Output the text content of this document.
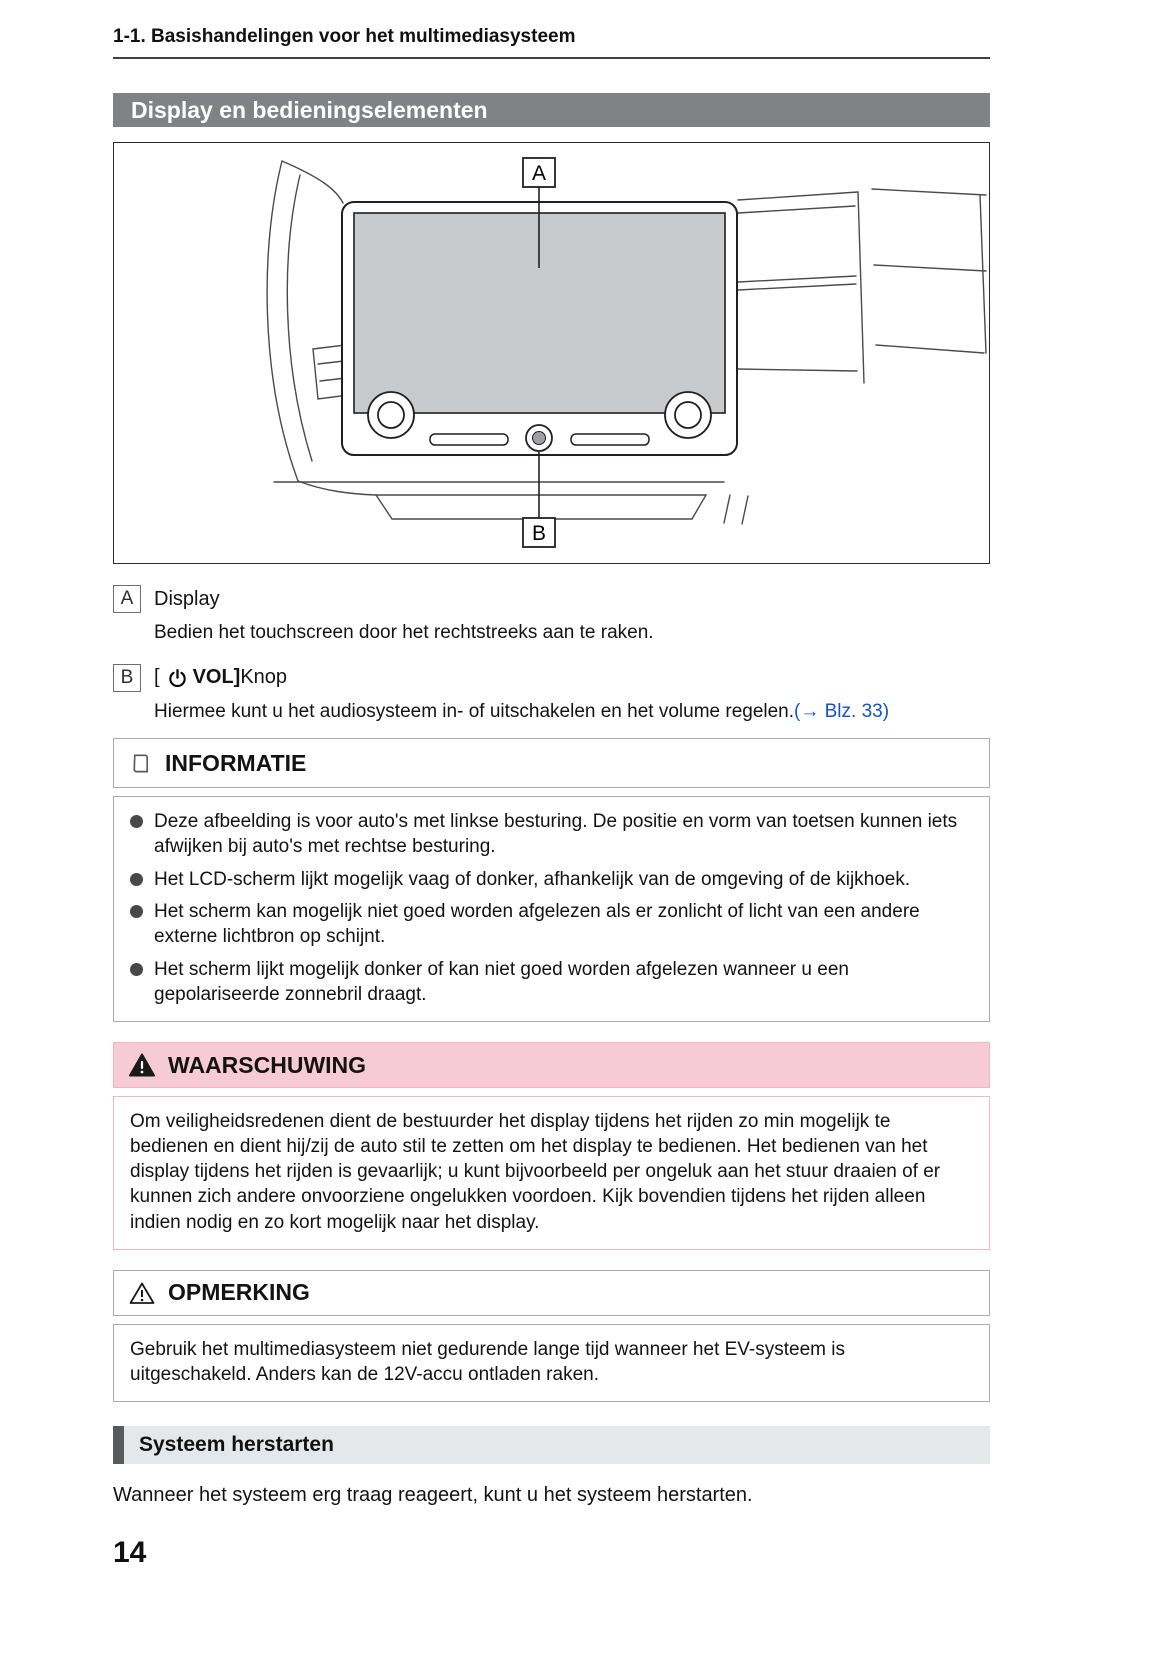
1-1. Basishandelingen voor het multimediasysteem
Display en bedieningselementen
A
B
A	Display

Bedien het touchscreen door het rechtstreeks aan te raken.

B	[ VOL] Knop

Hiermee kunt u het audiosysteem in- of uitschakelen en het volume regelen.(→ Blz. 33)

INFORMATIE
Deze afbeelding is voor auto's met linkse besturing. De positie en vorm van toetsen kunnen iets afwijken bij auto's met rechtse besturing.
Het LCD-scherm lijkt mogelijk vaag of donker, afhankelijk van de omgeving of de kijkhoek.
Het scherm kan mogelijk niet goed worden afgelezen als er zonlicht of licht van een andere externe lichtbron op schijnt.
Het scherm lijkt mogelijk donker of kan niet goed worden afgelezen wanneer u een gepolariseerde zonnebril draagt.
WAARSCHUWING

Om veiligheidsredenen dient de bestuurder het display tijdens het rijden zo min mogelijk te bedienen en dient hij/zij de auto stil te zetten om het display te bedienen. Het bedienen van het display tijdens het rijden is gevaarlijk; u kunt bijvoorbeeld per ongeluk aan het stuur draaien of er kunnen zich andere onvoorziene ongelukken voordoen. Kijk bovendien tijdens het rijden alleen indien nodig en zo kort mogelijk naar het display.

OPMERKING

Gebruik het multimediasysteem niet gedurende lange tijd wanneer het EV-systeem is uitgeschakeld. Anders kan de 12V-accu ontladen raken.

Systeem herstarten

Wanneer het systeem erg traag reageert, kunt u het systeem herstarten.

14
